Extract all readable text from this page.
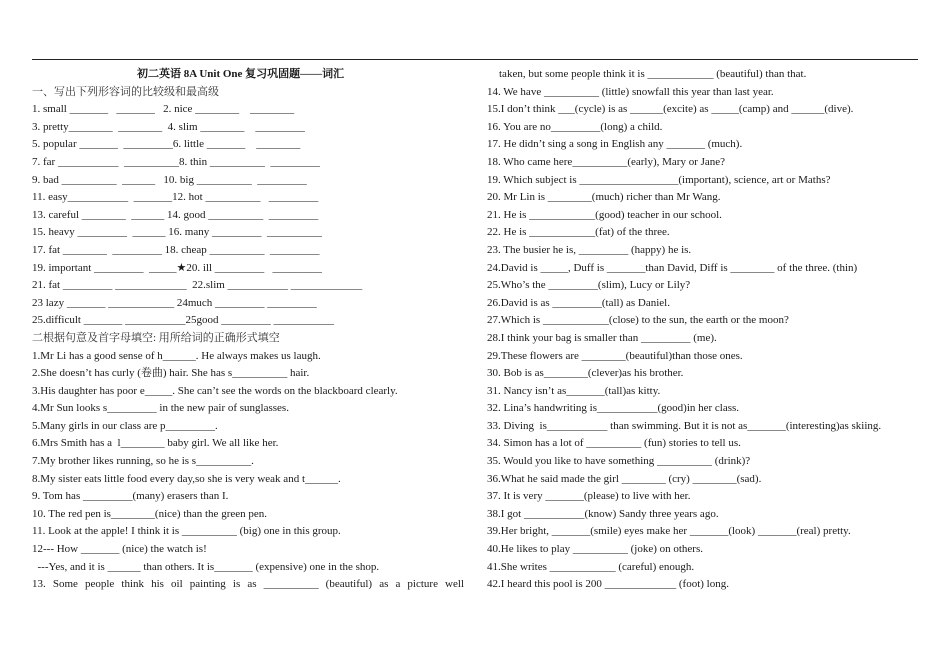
初二英语 8A Unit One 复习巩固题——词汇
一、写出下列形容词的比较级和最高级
1. small _______   _______   2. nice ________    ________
3. pretty________  ________  4. slim ________    _________
5. popular _______  _________6. little _______    ________
7. far ___________  __________8. thin __________  _________
9. bad __________  ______   10. big __________  _________
11. easy___________  _______12. hot __________   _________
13. careful ________  ______ 14. good __________  _________
15. heavy _________  ______ 16. many _________  __________
17. fat ________  _________ 18. cheap __________  _________
19. important _________  _____★20. ill _________   _________
21. fat _________ _____________  22.slim ___________ _____________
23 lazy _______ ____________ 24much _________ _________
25.difficult _______ ___________25good _________ ___________
二根据句意及首字母填空: 用所给词的正确形式填空
1.Mr Li has a good sense of h______. He always makes us laugh.
2.She doesn’t has curly (卷曲) hair. She has s__________ hair.
3.His daughter has poor e_____. She can’t see the words on the blackboard clearly.
4.Mr Sun looks s_________ in the new pair of sunglasses.
5.Many girls in our class are p_________.
6.Mrs Smith has a  l________ baby girl. We all like her.
7.My brother likes running, so he is s__________.
8.My sister eats little food every day,so she is very weak and t______.
9. Tom has _________(many) erasers than I.
10. The red pen is________(nice) than the green pen.
11. Look at the apple! I think it is __________ (big) one in this group.
12--- How _______ (nice) the watch is!
---Yes, and it is ______ than others. It is_______ (expensive) one in the shop.
13. Some people think his oil painting is as __________ (beautiful) as a picture well
taken, but some people think it is ____________ (beautiful) than that.
14. We have __________ (little) snowfall this year than last year.
15.I don’t think ___(cycle) is as ______(excite) as _____(camp) and ______(dive).
16. You are no_________(long) a child.
17. He didn’t sing a song in English any _______ (much).
18. Who came here__________(early), Mary or Jane?
19. Which subject is __________________(important), science, art or Maths?
20. Mr Lin is ________(much) richer than Mr Wang.
21. He is ____________(good) teacher in our school.
22. He is ____________(fat) of the three.
23. The busier he is, _________ (happy) he is.
24.David is _____, Duff is _______than David, Diff is ________ of the three. (thin)
25.Who’s the _________(slim), Lucy or Lily?
26.David is as _________(tall) as Daniel.
27.Which is ____________(close) to the sun, the earth or the moon?
28.I think your bag is smaller than _________ (me).
29.These flowers are ________(beautiful)than those ones.
30. Bob is as________(clever)as his brother.
31. Nancy isn’t as_______(tall)as kitty.
32. Lina’s handwriting is___________(good)in her class.
33. Diving  is___________ than swimming. But it is not as_______(interesting)as skiing.
34. Simon has a lot of __________ (fun) stories to tell us.
35. Would you like to have something __________ (drink)?
36.What he said made the girl ________ (cry) ________(sad).
37. It is very _______(please) to live with her.
38.I got ___________(know) Sandy three years ago.
39.Her bright, _______(smile) eyes make her _______(look) _______(real) pretty.
40.He likes to play __________ (joke) on others.
41.She writes ____________ (careful) enough.
42.I heard this pool is 200 _____________ (foot) long.
